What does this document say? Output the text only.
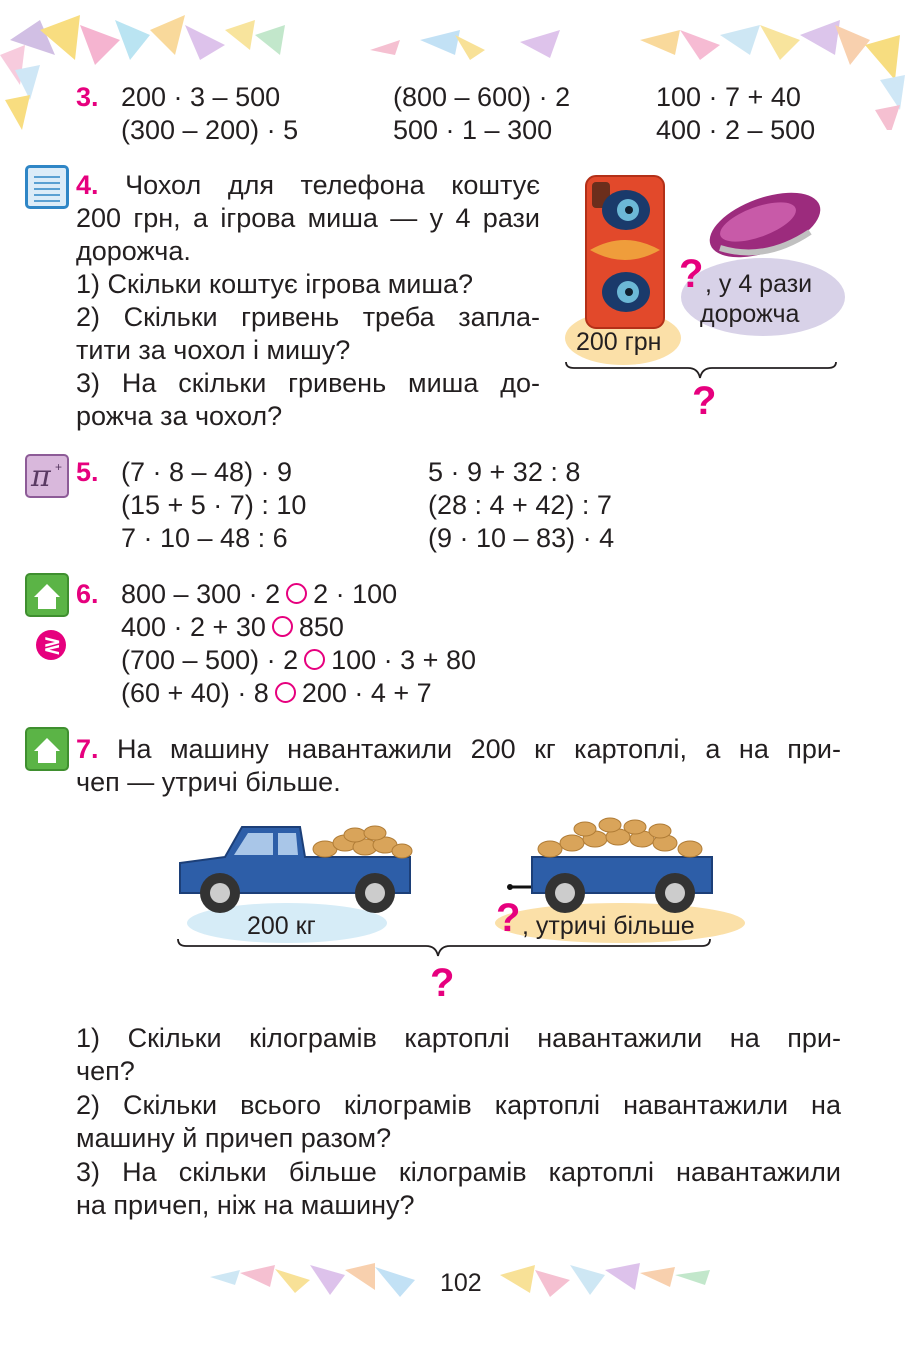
3. 200 · 3 – 500	(800 – 600) · 2	100 · 7 + 40
(300 – 200) · 5	500 · 1 – 300	400 · 2 – 500
4. Чохол для телефона коштує
200 грн, а ігрова миша — у 4 рази
дорожча.
1) Скільки коштує ігрова миша?
2) Скільки гривень треба запла-
тити за чохол і мишу?
3) На скільки гривень миша до-
рожча за чохол?
? , у 4 рази
дорожча
200 грн
?
π + 5. (7 · 8 – 48) · 9	5 · 9 + 32 : 8
(15 + 5 · 7) : 10	(28 : 4 + 42) : 7
7 · 10 – 48 : 6	(9 · 10 – 83) · 4
≷
6. 800 – 300 · 2 2 · 100
400 · 2 + 30 850
(700 – 500) · 2 100 · 3 + 80
(60 + 40) · 8 200 · 4 + 7
7. На машину навантажили 200 кг картоплі, а на при-
чеп — утричі більше.
200 кг	? , утричі більше
?
1) Скільки кілограмів картоплі навантажили на при-
чеп?
2) Скільки всього кілограмів картоплі навантажили на
машину й причеп разом?
3) На скільки більше кілограмів картоплі навантажили
на причеп, ніж на машину?
102
